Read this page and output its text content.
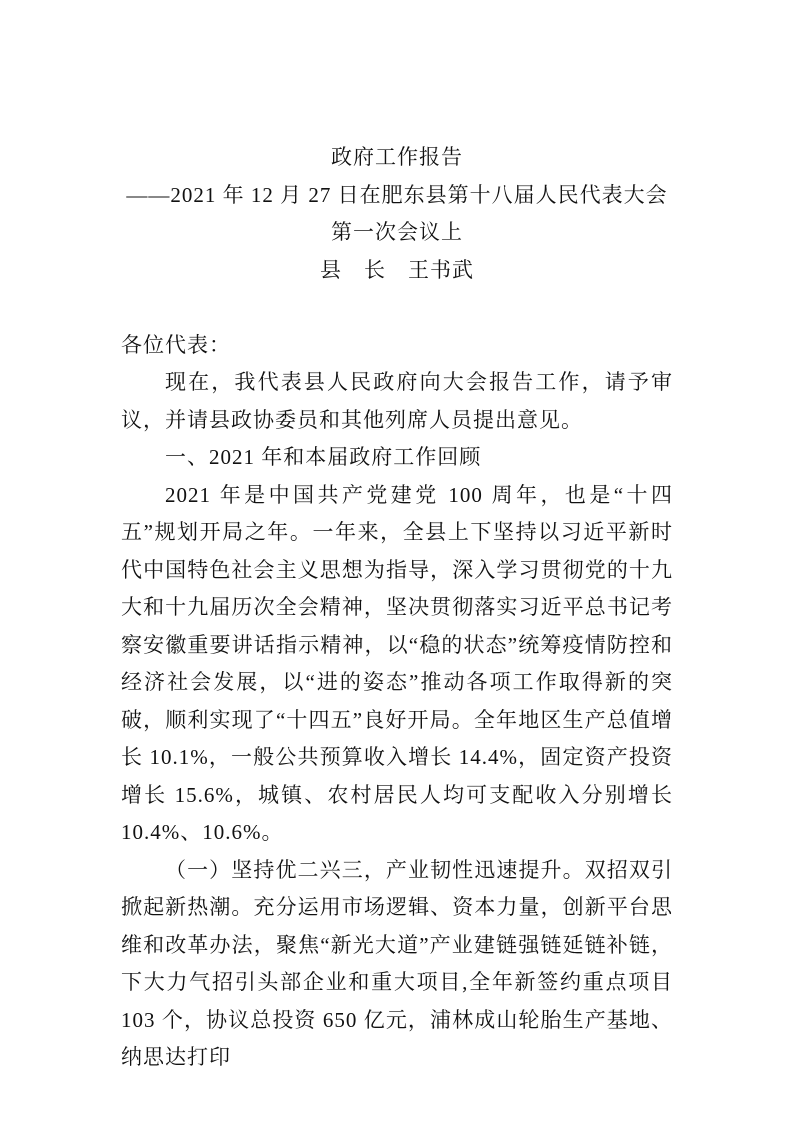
政府工作报告
——2021 年 12 月 27 日在肥东县第十八届人民代表大会第一次会议上
县　长　王书武

各位代表：

现在，我代表县人民政府向大会报告工作，请予审议，并请县政协委员和其他列席人员提出意见。

一、2021 年和本届政府工作回顾

2021 年是中国共产党建党 100 周年，也是“十四五”规划开局之年。一年来，全县上下坚持以习近平新时代中国特色社会主义思想为指导，深入学习贯彻党的十九大和十九届历次全会精神，坚决贯彻落实习近平总书记考察安徽重要讲话指示精神，以“稳的状态”统筹疫情防控和经济社会发展，以“进的姿态”推动各项工作取得新的突破，顺利实现了“十四五”良好开局。全年地区生产总值增长 10.1%，一般公共预算收入增长 14.4%，固定资产投资增长 15.6%，城镇、农村居民人均可支配收入分别增长 10.4%、10.6%。

（一）坚持优二兴三，产业韧性迅速提升。双招双引掀起新热潮。充分运用市场逻辑、资本力量，创新平台思维和改革办法，聚焦“新光大道”产业建链强链延链补链，下大力气招引头部企业和重大项目,全年新签约重点项目 103 个，协议总投资 650 亿元，浦林成山轮胎生产基地、纳思达打印
